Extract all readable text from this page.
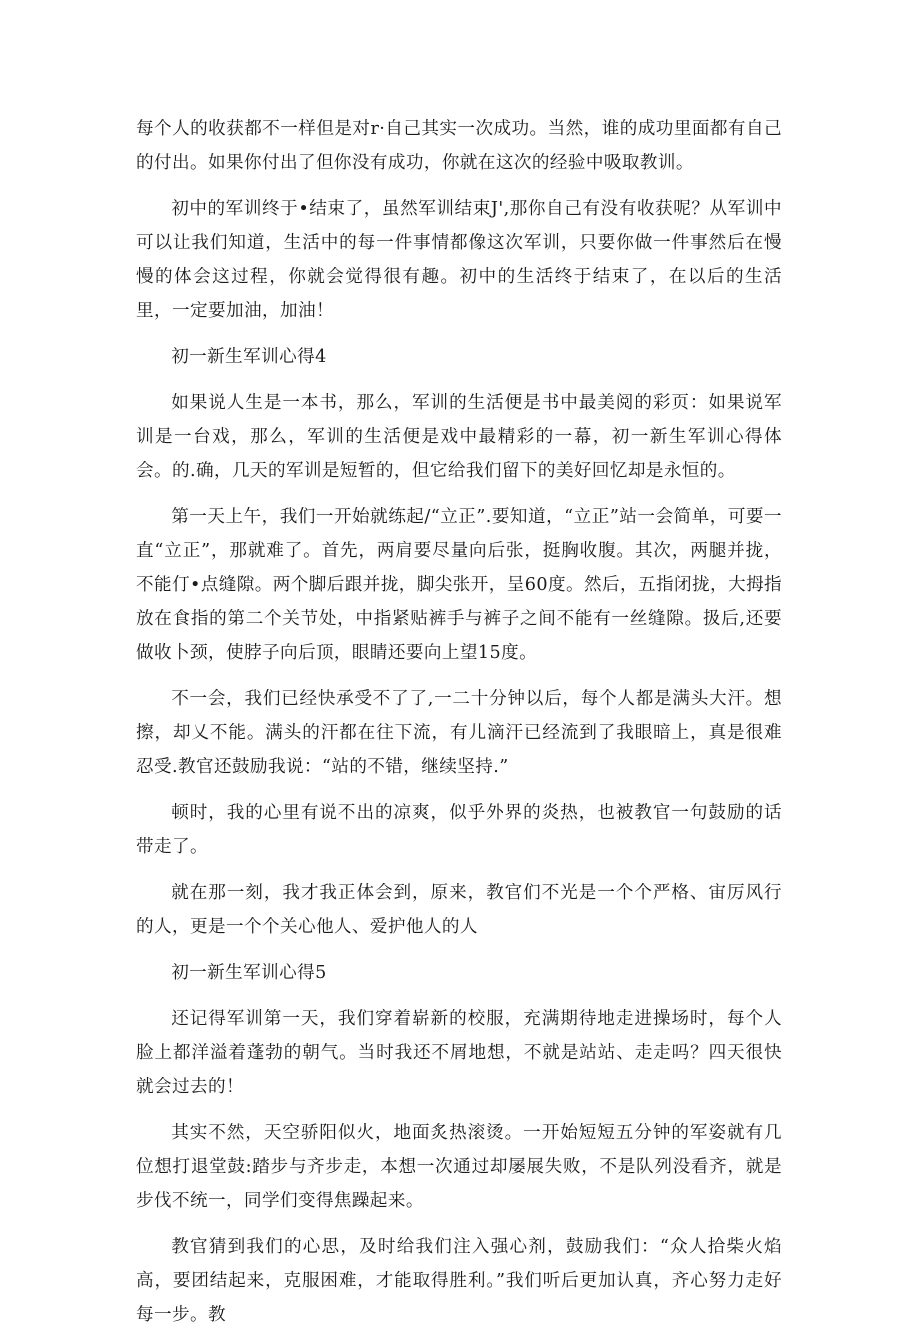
每个人的收获都不一样但是对r·自己其实一次成功。当然，谁的成功里面都有自己的付出。如果你付出了但你没有成功，你就在这次的经验中吸取教训。

初中的军训终于•结束了，虽然军训结束J',那你自己有没有收获呢？从军训中可以让我们知道，生活中的每一件事情都像这次军训，只要你做一件事然后在慢慢的体会这过程，你就会觉得很有趣。初中的生活终于结束了，在以后的生活里，一定要加油，加油！

初一新生军训心得4

如果说人生是一本书，那么，军训的生活便是书中最美阅的彩页：如果说军训是一台戏，那么，军训的生活便是戏中最精彩的一幕，初一新生军训心得体会。的.确，几天的军训是短暂的，但它给我们留下的美好回忆却是永恒的。

第一天上午，我们一开始就练起/“立正”.要知道，“立正”站一会简单，可要一直“立正”，那就难了。首先，两肩要尽量向后张，挺胸收腹。其次，两腿并拢，不能仃•点缝隙。两个脚后跟并拢，脚尖张开，呈60度。然后，五指闭拢，大拇指放在食指的第二个关节处，中指紧贴裤手与裤子之间不能有一丝缝隙。扱后,还要做收卜颈，使脖子向后顶，眼睛还要向上望15度。

不一会，我们已经快承受不了了,一二十分钟以后，每个人都是满头大汗。想擦，却乂不能。满头的汗都在往下流，有儿滴汗已经流到了我眼暗上，真是很难忍受.教官还鼓励我说：“站的不错，继续坚持.”

顿时，我的心里有说不出的凉爽，似乎外界的炎热，也被教官一句鼓励的话带走了。

就在那一刻，我才我正体会到，原来，教官们不光是一个个严格、宙厉风行的人，更是一个个关心他人、爱护他人的人

初一新生军训心得5

还记得军训第一天，我们穿着崭新的校服，充满期待地走进操场时，每个人脸上都洋溢着蓬勃的朝气。当时我还不屑地想，不就是站站、走走吗？四天很快就会过去的！

其实不然，天空骄阳似火，地面炙热滚烫。一开始短短五分钟的军姿就有几位想打退堂鼓:踏步与齐步走，本想一次通过却屡展失败，不是队列没看齐，就是步伐不统一，同学们变得焦躁起来。

教官猜到我们的心思，及时给我们注入强心剂，鼓励我们：“众人拾柴火焰高，要团结起来，克服困难，才能取得胜利。”我们听后更加认真，齐心努力走好每一步。教
